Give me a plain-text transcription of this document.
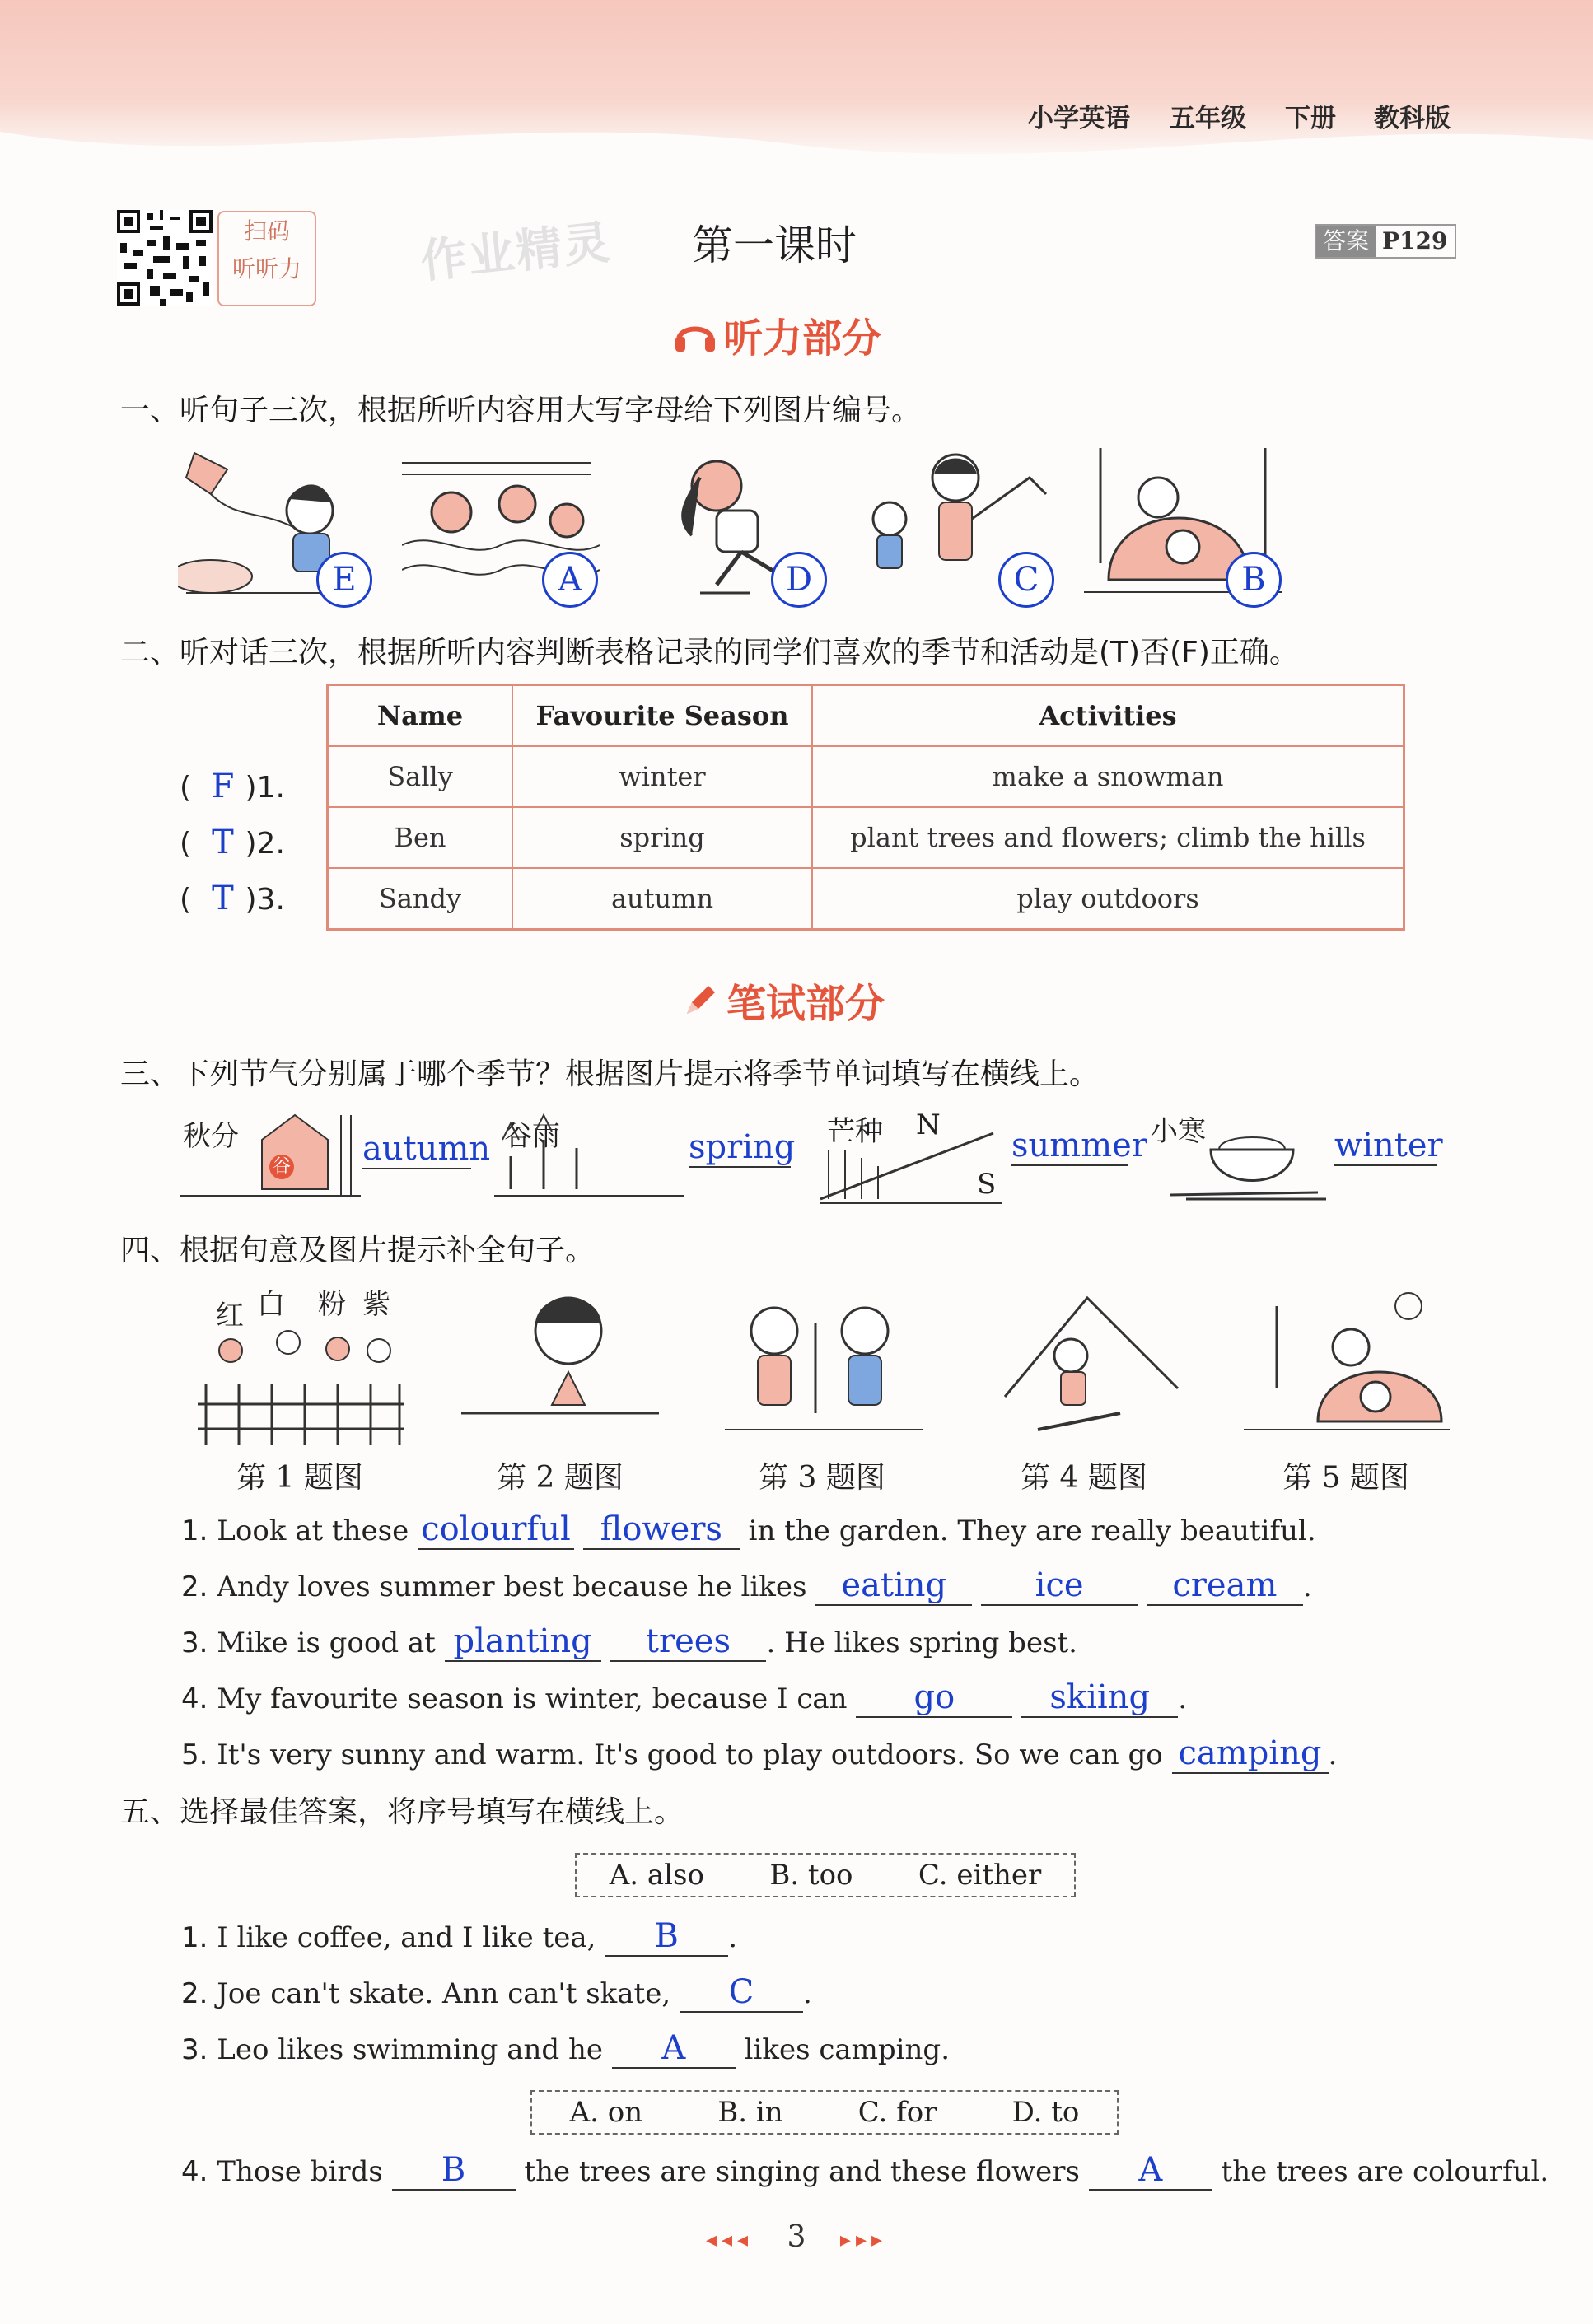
小学英语 五年级 下册 教科版
扫码
听听力	作业精灵 第一课时	答案 P129
听力部分
一、听句子三次，根据所听内容用大写字母给下列图片编号。
E	A	D	C	B
二、听对话三次，根据所听内容判断表格记录的同学们喜欢的季节和活动是(T)否(F)正确。
Name	Favourite Season	Activities
Sally	winter	make a snowman
Ben	spring	plant trees and flowers; climb the hills
Sandy	autumn	play outdoors
( F )1.
( T )2.
( T )3.
笔试部分
三、下列节气分别属于哪个季节？根据图片提示将季节单词填写在横线上。
秋分
谷 autumn 谷雨	spring 芒种 N
S
summer 小寒	winter
四、根据句意及图片提示补全句子。
红 白 粉 紫
第 1 题图	第 2 题图	第 3 题图	第 4 题图	第 5 题图
1. Look at these colourful flowers in the garden. They are really beautiful.
2. Andy loves summer best because he likes eating	ice	cream .
3. Mike is good at planting trees . He likes spring best.
4. My favourite season is winter, because I can go	skiing .
5. It's very sunny and warm. It's good to play outdoors. So we can go camping .
五、选择最佳答案，将序号填写在横线上。
A. also B. too C. either
1. I like coffee, and I like tea, B .
2. Joe can't skate. Ann can't skate, C .
3. Leo likes swimming and he A likes camping.
A. on	B. in	C. for	D. to
4. Those birds B the trees are singing and these flowers A the trees are colourful.
◂◂◂ 3 ▸▸▸
